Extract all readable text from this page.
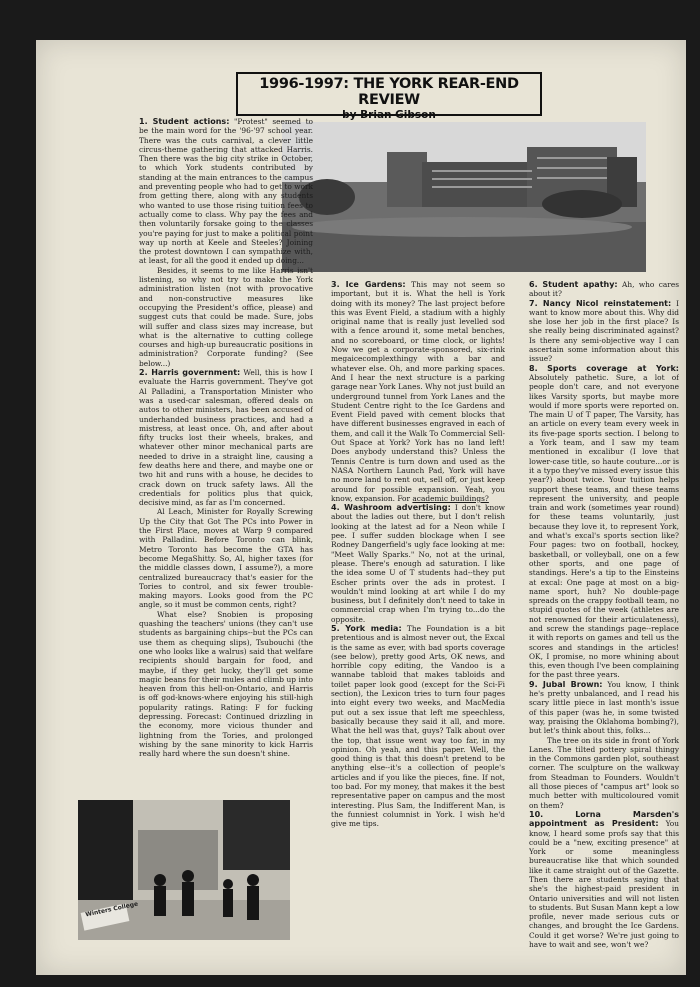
1996-1997: THE YORK REAR-END REVIEW
by Brian Gibson

1. Student actions: "Protest" seemed to be the main word for the '96-'97 school year. There was the cuts carnival, a clever little circus-theme gathering that attacked Harris. Then there was the big city strike in October, to which York students contributed by standing at the main entrances to the campus and preventing people who had to get to work from getting there, along with any students who wanted to use those rising tuition fees to actually come to class. Why pay the fees and then voluntarily forsake going to the classes you're paying for just to make a political point way up north at Keele and Steeles? Joining the protest downtown I can sympathize with, at least, for all the good it ended up doing...

Besides, it seems to me like Harris isn't listening, so why not try to make the York administration listen (not with provocative and non-constructive measures like occupying the President's office, please) and suggest cuts that could be made. Sure, jobs will suffer and class sizes may increase, but what is the alternative to cutting college courses and high-up bureaucratic positions in administration? Corporate funding? (See below...)

2. Harris government: Well, this is how I evaluate the Harris government. They've got Al Palladini, a Transportation Minister who was a used-car salesman, offered deals on autos to other ministers, has been accused of underhanded business practices, and had a mistress, at least once. Oh, and after about fifty trucks lost their wheels, brakes, and whatever other minor mechanical parts are needed to drive in a straight line, causing a few deaths here and there, and maybe one or two hit and runs with a house, he decides to crack down on truck safety laws. All the credentials for politics plus that quick, decisive mind, as far as I'm concerned.

Al Leach, Minister for Royally Screwing Up the City that Got The PCs into Power in the First Place, moves at Warp 9 compared with Palladini. Before Toronto can blink, Metro Toronto has become the GTA has become MegaShitty. So, Al, higher taxes (for the middle classes down, I assume?), a more centralized bureaucracy that's easier for the Tories to control, and six fewer trouble-making mayors. Looks good from the PC angle, so it must be common cents, right?

What else? Snobien is proposing quashing the teachers' unions (they can't use students as bargaining chips--but the PCs can use them as chequing slips), Tsubouchi (the one who looks like a walrus) said that welfare recipients should bargain for food, and maybe, if they get lucky, they'll get some magic beans for their mules and climb up into heaven from this hell-on-Ontario, and Harris is off god-knows-where enjoying his still-high popularity ratings. Rating: F for fucking depressing. Forecast: Continued drizzling in the economy, more vicious thunder and lightning from the Tories, and prolonged wishing by the sane minority to kick Harris really hard where the sun doesn't shine.

3. Ice Gardens: This may not seem so important, but it is. What the hell is York doing with its money? The last project before this was Event Field, a stadium with a highly original name that is really just levelled sod with a fence around it, some metal benches, and no scoreboard, or time clock, or lights! Now we get a corporate-sponsored, six-rink megaicecomplexthingy with a bar and whatever else. Oh, and more parking spaces. And I hear the next structure is a parking garage near York Lanes. Why not just build an underground tunnel from York Lanes and the Student Centre right to the Ice Gardens and Event Field paved with cement blocks that have different businesses engraved in each of them, and call it the Walk To Commercial Sell-Out Space at York? York has no land left! Does anybody understand this? Unless the Tennis Centre is turn down and used as the NASA Northern Launch Pad, York will have no more land to rent out, sell off, or just keep around for possible expansion. Yeah, you know, expansion. For academic buildings?

4. Washroom advertising: I don't know about the ladies out there, but I don't relish looking at the latest ad for a Neon while I pee. I suffer sudden blockage when I see Rodney Dangerfield's ugly face looking at me: "Meet Wally Sparks." No, not at the urinal, please. There's enough ad saturation. I like the idea some U of T students had--they put Escher prints over the ads in protest. I wouldn't mind looking at art while I do my business, but I definitely don't need to take in commercial crap when I'm trying to...do the opposite.

5. York media: The Foundation is a bit pretentious and is almost never out, the Excal is the same as ever, with bad sports coverage (see below), pretty good Arts, OK news, and horrible copy editing, the Vandoo is a wannabe tabloid that makes tabloids and toilet paper look good (except for the Sci-Fi section), the Lexicon tries to turn four pages into eight every two weeks, and MacMedia put out a sex issue that left me speechless, basically because they said it all, and more. What the hell was that, guys? Talk about over the top, that issue went way too far, in my opinion. Oh yeah, and this paper. Well, the good thing is that this doesn't pretend to be anything else--it's a collection of people's articles and if you like the pieces, fine. If not, too bad. For my money, that makes it the best representative paper on campus and the most interesting. Plus Sam, the Indifferent Man, is the funniest columnist in York. I wish he'd give me tips.

6. Student apathy: Ah, who cares about it?

7. Nancy Nicol reinstatement: I want to know more about this. Why did she lose her job in the first place? Is she really being discriminated against? Is there any semi-objective way I can ascertain some information about this issue?

8. Sports coverage at York: Absolutely pathetic. Sure, a lot of people don't care, and not everyone likes Varsity sports, but maybe more would if more sports were reported on. The main U of T paper, The Varsity, has an article on every team every week in its five-page sports section. I belong to a York team, and I saw my team mentioned in excalibur (I love that lower-case title, so haute couture...or is it a typo they've missed every issue this year?) about twice. Your tuition helps support these teams, and these teams represent the university, and people train and work (sometimes year round) for these teams voluntarily, just because they love it, to represent York, and what's excal's sports section like? Four pages: two on football, hockey, basketball, or volleyball, one on a few other sports, and one page of standings. Here's a tip to the Einsteins at excal: One page at most on a big-name sport, huh? No double-page spreads on the crappy football team, no stupid quotes of the week (athletes are not renowned for their articulateness), and screw the standings page--replace it with reports on games and tell us the scores and standings in the articles! OK, I promise, no more whining about this, even though I've been complaining for the past three years.

9. Jubal Brown: You know, I think he's pretty unbalanced, and I read his scary little piece in last month's issue of this paper (was he, in some twisted way, praising the Oklahoma bombing?), but let's think about this, folks...

The tree on its side in front of York Lanes. The tilted pottery spiral thingy in the Commons garden plot, southeast corner. The sculpture on the walkway from Steadman to Founders. Wouldn't all those pieces of "campus art" look so much better with multicoloured vomit on them?

10. Lorna Marsden's appointment as President: You know, I heard some profs say that this could be a "new, exciting presence" at York or some meaningless bureaucratise like that which sounded like it came straight out of the Gazette. Then there are students saying that she's the highest-paid president in Ontario universities and will not listen to students. But Susan Mann kept a low profile, never made serious cuts or changes, and brought the Ice Gardens. Could it get worse? We're just going to have to wait and see, won't we?

Winters College
